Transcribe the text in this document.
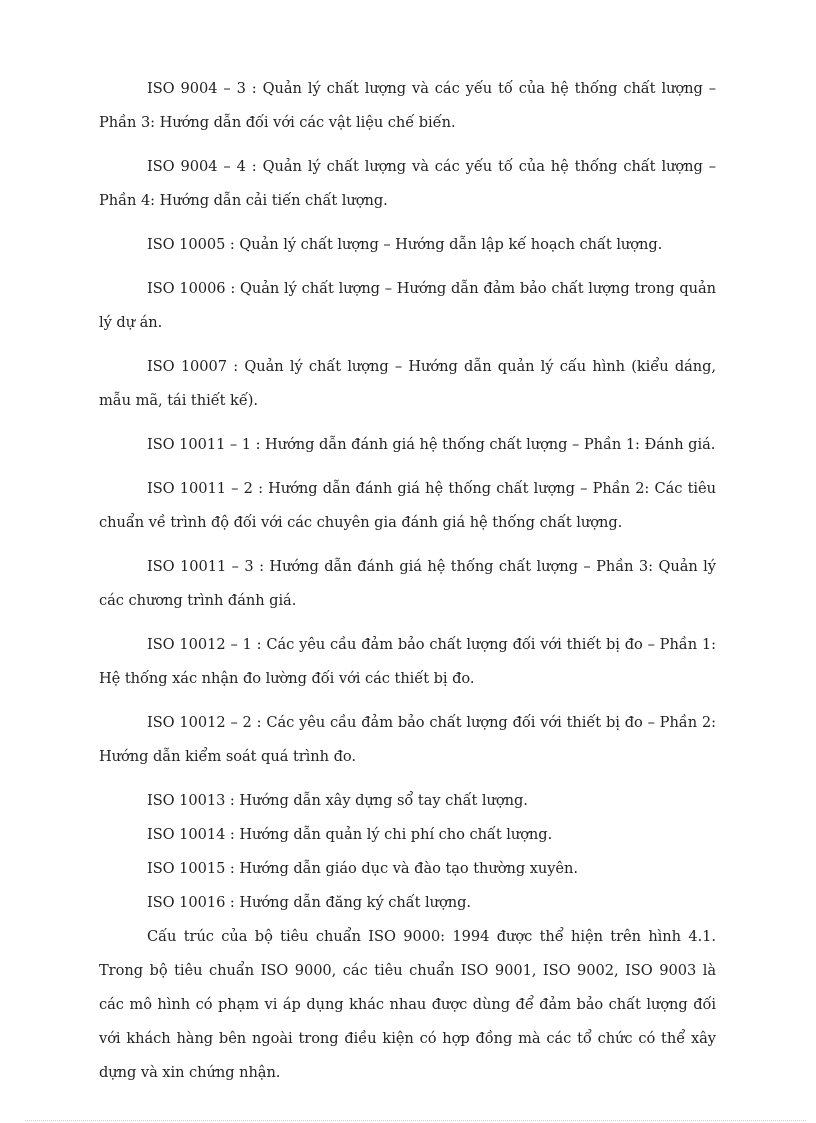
ISO 9004 – 3 : Quản lý chất lượng và các yếu tố của hệ thống chất lượng – Phần 3: Hướng dẫn đối với các vật liệu chế biến.

ISO 9004 – 4 : Quản lý chất lượng và các yếu tố của hệ thống chất lượng – Phần 4: Hướng dẫn cải tiến chất lượng.

ISO 10005 : Quản lý chất lượng – Hướng dẫn lập kế hoạch chất lượng.

ISO 10006 : Quản lý chất lượng – Hướng dẫn đảm bảo chất lượng trong quản lý dự án.

ISO 10007 : Quản lý chất lượng – Hướng dẫn quản lý cấu hình (kiểu dáng, mẫu mã, tái thiết kế).

ISO 10011 – 1 : Hướng dẫn đánh giá hệ thống chất lượng – Phần 1: Đánh giá.

ISO 10011 – 2 : Hướng dẫn đánh giá hệ thống chất lượng – Phần 2: Các tiêu chuẩn về trình độ đối với các chuyên gia đánh giá hệ thống chất lượng.

ISO 10011 – 3 : Hướng dẫn đánh giá hệ thống chất lượng – Phần 3: Quản lý các chương trình đánh giá.

ISO 10012 – 1 : Các yêu cầu đảm bảo chất lượng đối với thiết bị đo – Phần 1: Hệ thống xác nhận đo lường đối với các thiết bị đo.

ISO 10012 – 2 : Các yêu cầu đảm bảo chất lượng đối với thiết bị đo – Phần 2: Hướng dẫn kiểm soát quá trình đo.

ISO 10013 : Hướng dẫn xây dựng sổ tay chất lượng.

ISO 10014 : Hướng dẫn quản lý chi phí cho chất lượng.

ISO 10015 : Hướng dẫn giáo dục và đào tạo thường xuyên.

ISO 10016 : Hướng dẫn đăng ký chất lượng.

Cấu trúc của bộ tiêu chuẩn ISO 9000: 1994 được thể hiện trên hình 4.1. Trong bộ tiêu chuẩn ISO 9000, các tiêu chuẩn ISO 9001, ISO 9002, ISO 9003 là các mô hình có phạm vi áp dụng khác nhau được dùng để đảm bảo chất lượng đối với khách hàng bên ngoài trong điều kiện có hợp đồng mà các tổ chức có thể xây dựng và xin chứng nhận.
